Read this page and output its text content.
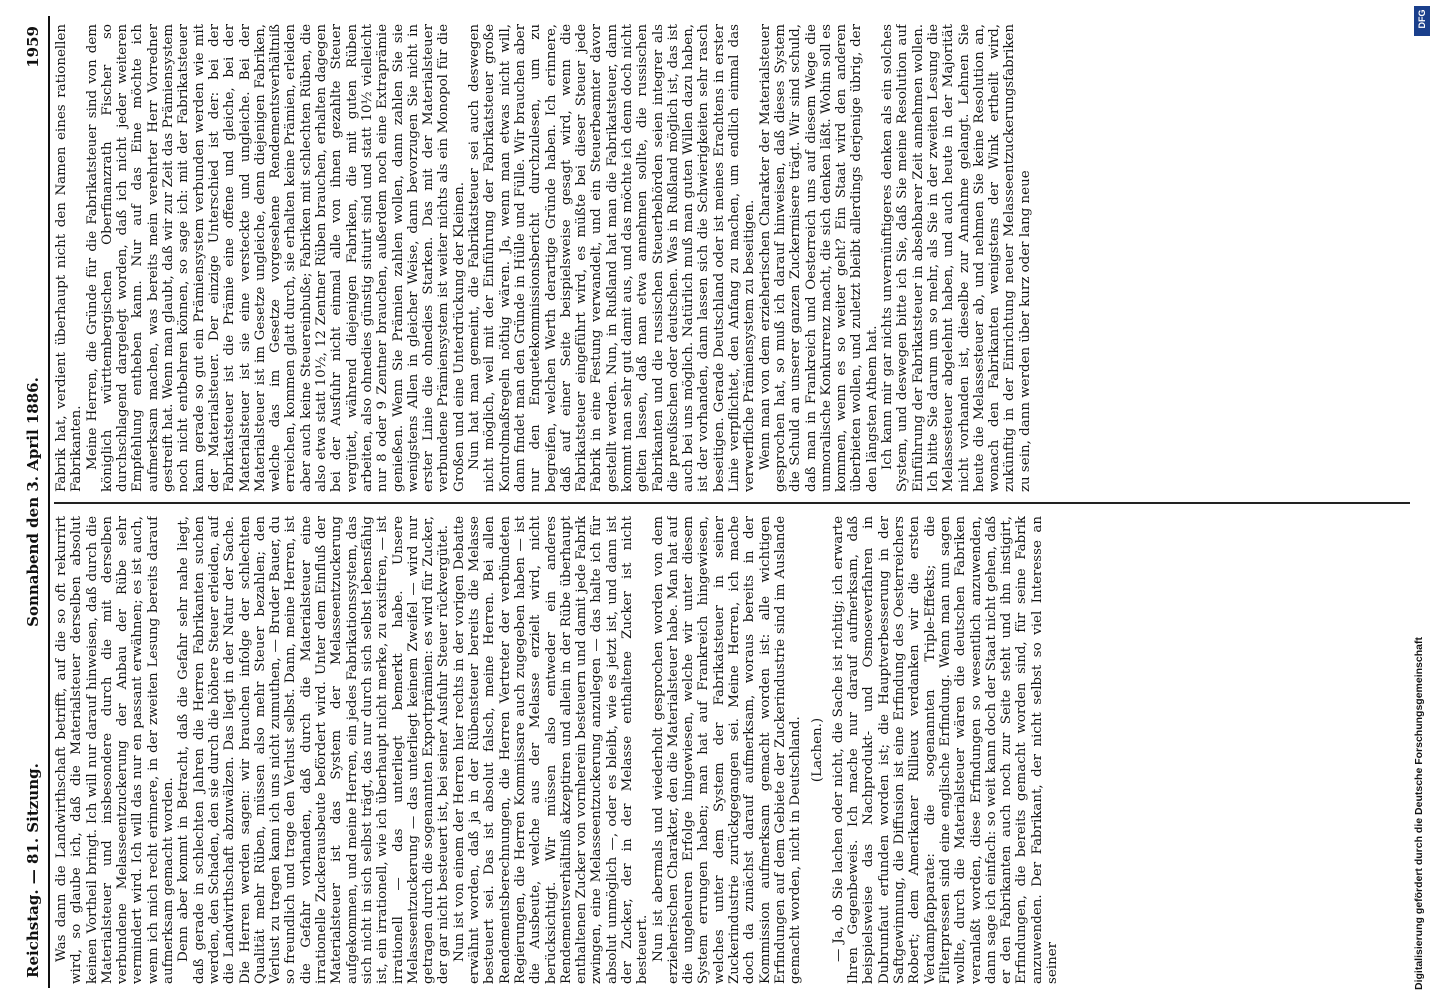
Reichstag. — 81. Sitzung.
Sonnabend den 3. April 1886.
1959

Was dann die Landwirthschaft betrifft, auf die so oft rekurrirt wird, so glaube ich, daß die Materialsteuer derselben absolut keinen Vortheil bringt. Ich will nur darauf hinweisen, daß durch die Materialsteuer und insbesondere durch die mit derselben verbundene Melasseentzuckerung der Anbau der Rübe sehr vermindert wird. Ich will das nur en passant erwähnen; es ist auch, wenn ich mich recht erinnere, in der zweiten Lesung bereits darauf aufmerksam gemacht worden. Denn aber kommt in Betracht, daß die Gefahr sehr nahe liegt, daß gerade in schlechten Jahren die Herren Fabrikanten suchen werden, den Schaden, den sie durch die höhere Steuer erleiden, auf die Landwirthschaft abzuwälzen. Das liegt in der Natur der Sache. Die Herren werden sagen: wir brauchen infolge der schlechten Qualität mehr Rüben, müssen also mehr Steuer bezahlen; den Verlust zu tragen kann ich uns nicht zumuthen, — Bruder Bauer, du so freundlich und trage den Verlust selbst. Dann, meine Herren, ist die Gefahr vorhanden, daß durch die Materialsteuer eine irrationelle Zuckerausbeute befördert wird. Unter dem Einfluß der Materialsteuer ist das System der Melasseentzuckerung aufgekommen, und meine Herren, ein jedes Fabrikationssystem, das sich nicht in sich selbst trägt, das nur durch sich selbst lebensfähig ist, ein irrationell, wie ich überhaupt nicht merke, zu existiren, — ist irrationell — das unterliegt bemerkt habe. Unsere Melasseentzuckerung — das unterliegt keinem Zweifel — wird nur getragen durch die sogenannten Exportprämien: es wird für Zucker, der gar nicht besteuert ist, bei seiner Ausfuhr Steuer rückvergütet. Nun ist von einem der Herren hier rechts in der vorigen Debatte erwähnt worden, daß ja in der Rübensteuer bereits die Melasse besteuert sei. Das ist absolut falsch, meine Herren. Bei allen Rendementsberechnungen, die Herren Vertreter der verbündeten Regierungen, die Herren Kommissare auch zugegeben haben — ist die Ausbeute, welche aus der Melasse erzielt wird, nicht berücksichtigt. Wir müssen also entweder ein anderes Rendementsverhältniß akzeptiren und allein in der Rübe überhaupt enthaltenen Zucker von vornherein besteuern und damit jede Fabrik zwingen, eine Melasseentzuckerung anzulegen — das halte ich für absolut unmöglich —, oder es bleibt, wie es jetzt ist, und dann ist der Zucker, der in der Melasse enthaltene Zucker ist nicht besteuert. Nun ist abermals und wiederholt gesprochen worden von dem erzieherischen Charakter, den die Materialsteuer habe. Man hat auf die ungeheuren Erfolge hingewiesen, welche wir unter diesem System errungen haben; man hat auf Frankreich hingewiesen, welches unter dem System der Fabrikatsteuer in seiner Zuckerindustrie zurückgegangen sei. Meine Herren, ich mache doch da zunächst darauf aufmerksam, woraus bereits in der Kommission aufmerksam gemacht worden ist: alle wichtigen Erfindungen auf dem Gebiete der Zuckerindustrie sind im Auslande gemacht worden, nicht in Deutschland. (Lachen.) — Ja, ob Sie lachen oder nicht, die Sache ist richtig; ich erwarte Ihren Gegenbeweis. Ich mache nur darauf aufmerksam, daß beispielsweise das Nachprodukt- und Osmoseverfahren in Dubrunfaut erfunden worden ist; die Hauptverbesserung in der Saftgewinnung, die Diffusion ist eine Erfindung des Oesterreichers Robert; dem Amerikaner Rillieux verdanken wir die ersten Verdampfapparate: die sogenannten Triple-Effekts; die Filterpressen sind eine englische Erfindung. Wenn man nun sagen wollte, durch die Materialsteuer wären die deutschen Fabriken veranlaßt worden, diese Erfindungen so wesentlich anzuwenden, dann sage ich einfach: so weit kann doch der Staat nicht gehen, daß er den Fabrikanten auch noch zur Seite steht und ihn instigirt, Erfindungen, die bereits gemacht worden sind, für seine Fabrik anzuwenden. Der Fabrikant, der nicht selbst so viel Interesse an seiner

Fabrik hat, verdient überhaupt nicht den Namen eines rationellen Fabrikanten. Meine Herren, die Gründe für die Fabrikatsteuer sind von dem königlich württembergischen Oberfinanzrath Fischer so durchschlagend dargelegt worden, daß ich nicht jeder weiteren Empfehlung entheben kann. Nur auf das Eine möchte ich aufmerksam machen, was bereits mein verehrter Herr Vorredner gestreift hat. Wenn man glaubt, daß wir zur Zeit das Prämiensystem noch nicht entbehren können, so sage ich: mit der Fabrikatsteuer kann gerade so gut ein Prämiensystem verbunden werden wie mit der Materialsteuer. Der einzige Unterschied ist der: bei der Fabrikatsteuer ist die Prämie eine offene und gleiche, bei der Materialsteuer ist sie eine versteckte und ungleiche. Bei der Materialsteuer ist im Gesetze ungleiche, denn diejenigen Fabriken, welche das im Gesetze vorgesehene Rendementsverhältniß erreichen, kommen glatt durch, sie erhalten keine Prämien, erleiden aber auch keine Steuereinbuße; Fabriken mit schlechten Rüben, die also etwa statt 10½, 12 Zentner Rüben brauchen, erhalten dagegen bei der Ausfuhr nicht einmal alle von ihnen gezahlte Steuer vergütet, während diejenigen Fabriken, die mit guten Rüben arbeiten, also ohnedies günstig situirt sind und statt 10½ vielleicht nur 8 oder 9 Zentner brauchen, außerdem noch eine Extraprämie genießen. Wenn Sie Prämien zahlen wollen, dann zahlen Sie sie wenigstens Allen in gleicher Weise, dann bevorzugen Sie nicht in erster Linie die ohnedies Starken. Das mit der Materialsteuer verbundene Prämiensystem ist weiter nichts als ein Monopol für die Großen und eine Unterdrückung der Kleinen. Nun hat man gemeint, die Fabrikatsteuer sei auch deswegen nicht möglich, weil mit der Einführung der Fabrikatsteuer große Kontrolmaßregeln nöthig wären. Ja, wenn man etwas nicht will, dann findet man den Gründe in Hülle und Fülle. Wir brauchen aber nur den Enquetekommissionsbericht durchzulesen, um zu begreifen, welchen Werth derartige Gründe haben. Ich erinnere, daß auf einer Seite beispielsweise gesagt wird, wenn die Fabrikatsteuer eingeführt wird, es müßte bei dieser Steuer jede Fabrik in eine Festung verwandelt, und ein Steuerbeamter davor gestellt werden. Nun, in Rußland hat man die Fabrikatsteuer, dann kommt man sehr gut damit aus, und das möchte ich denn doch nicht gelten lassen, daß man etwa annehmen sollte, die russischen Fabrikanten und die russischen Steuerbehörden seien integrer als die preußischen oder deutschen. Was in Rußland möglich ist, das ist auch bei uns möglich. Natürlich muß man guten Willen dazu haben, ist der vorhanden, dann lassen sich die Schwierigkeiten sehr rasch beseitigen. Gerade Deutschland oder ist meines Erachtens in erster Linie verpflichtet, den Anfang zu machen, um endlich einmal das verwerfliche Prämiensystem zu beseitigen. Wenn man von dem erzieherischen Charakter der Materialsteuer gesprochen hat, so muß ich darauf hinweisen, daß dieses System die Schuld an unserer ganzen Zuckermisere trägt. Wir sind schuld, daß man in Frankreich und Oesterreich uns auf diesem Wege die unmoralische Konkurrenz macht, die sich denken läßt. Wohin soll es kommen, wenn es so weiter geht? Ein Staat wird den anderen überbieten wollen, und zuletzt bleibt allerdings derjenige übrig, der den längsten Athem hat. Ich kann mir gar nichts unvernünftigeres denken als ein solches System, und deswegen bitte ich Sie, daß Sie meine Resolution auf Einführung der Fabrikatsteuer in absehbarer Zeit annehmen wollen. Ich bitte Sie darum um so mehr, als Sie in der zweiten Lesung die Melassesteuer abgelehnt haben, und auch heute in der Majorität nicht vorhanden ist, dieselbe zur Annahme gelangt. Lehnen Sie heute die Melassesteuer ab, und nehmen Sie keine Resolution an, wonach den Fabrikanten wenigstens der Wink ertheilt wird, zukünftig in der Einrichtung neuer Melasseentzuckerungsfabriken zu sein, dann werden über kurz oder lang neue

Digitalisierung gefördert durch die Deutsche Forschungsgemeinschaft
DFG
